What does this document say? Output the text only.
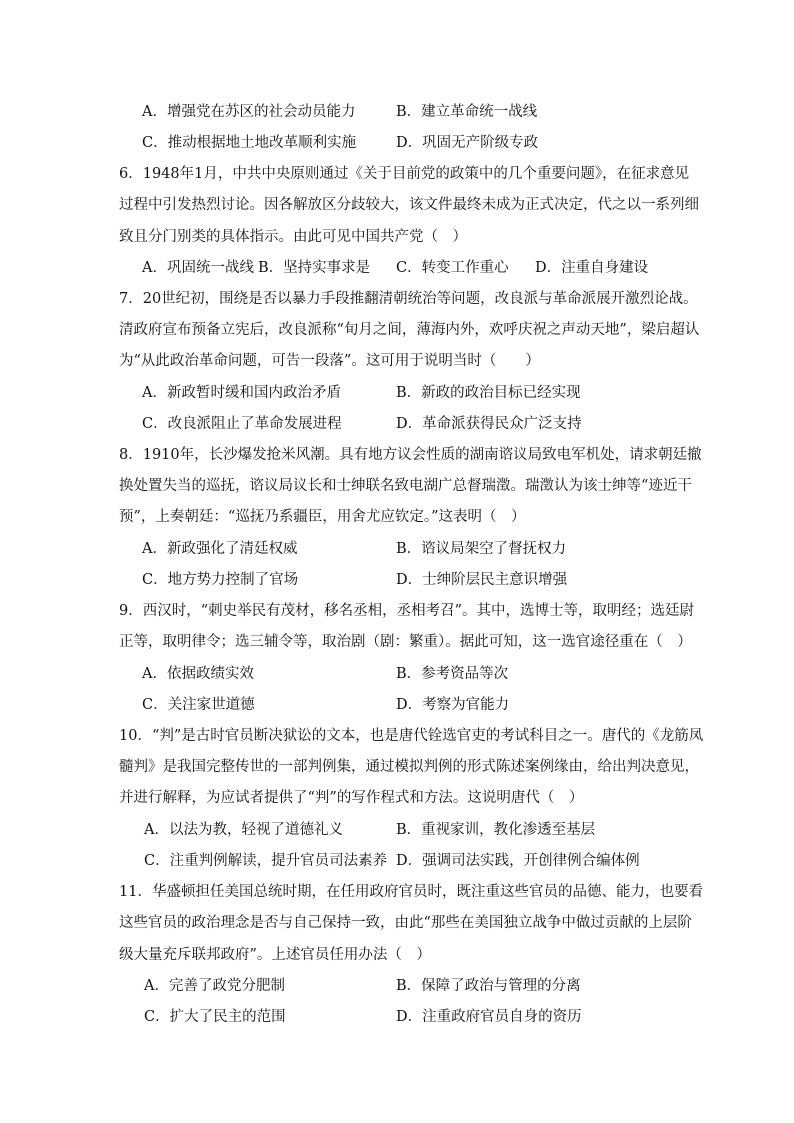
A．增强党在苏区的社会动员能力	B．建立革命统一战线
C．推动根据地土地改革顺利实施	D．巩固无产阶级专政
6．1948年1月，中共中央原则通过《关于目前党的政策中的几个重要问题》，在征求意见
过程中引发热烈讨论。因各解放区分歧较大，该文件最终未成为正式决定，代之以一系列细
致且分门别类的具体指示。由此可见中国共产党（　）
A．巩固统一战线 B．坚持实事求是 C．转变工作重心 D．注重自身建设
7．20世纪初，围绕是否以暴力手段推翻清朝统治等问题，改良派与革命派展开激烈论战。
清政府宣布预备立宪后，改良派称“旬月之间，薄海内外，欢呼庆祝之声动天地”，梁启超认
为“从此政治革命问题，可告一段落”。这可用于说明当时（　　）
A．新政暂时缓和国内政治矛盾	B．新政的政治目标已经实现
C．改良派阻止了革命发展进程	D．革命派获得民众广泛支持
8．1910年，长沙爆发抢米风潮。具有地方议会性质的湖南谘议局致电军机处，请求朝廷撤
换处置失当的巡抚，谘议局议长和士绅联名致电湖广总督瑞澂。瑞澂认为该士绅等“迹近干
预”，上奏朝廷：“巡抚乃系疆臣，用舍尤应钦定。”这表明（　）
A．新政强化了清廷权威	B．谘议局架空了督抚权力
C．地方势力控制了官场	D．士绅阶层民主意识增强
9．西汉时，“刺史举民有茂材，移名丞相，丞相考召”。其中，选博士等，取明经；选廷尉
正等，取明律令；选三辅令等，取治剧（剧：繁重）。据此可知，这一选官途径重在（　）
A．依据政绩实效	B．参考资品等次
C．关注家世道德	D．考察为官能力
10．“判”是古时官员断决狱讼的文本，也是唐代铨选官吏的考试科目之一。唐代的《龙筋凤
髓判》是我国完整传世的一部判例集，通过模拟判例的形式陈述案例缘由，给出判决意见，
并进行解释，为应试者提供了“判”的写作程式和方法。这说明唐代（　）
A．以法为教，轻视了道德礼义	B．重视家训，教化渗透至基层
C．注重判例解读，提升官员司法素养 D．强调司法实践，开创律例合编体例
11．华盛顿担任美国总统时期，在任用政府官员时，既注重这些官员的品德、能力，也要看
这些官员的政治理念是否与自己保持一致，由此“那些在美国独立战争中做过贡献的上层阶
级大量充斥联邦政府”。上述官员任用办法（　）
A．完善了政党分肥制	B．保障了政治与管理的分离
C．扩大了民主的范围	D．注重政府官员自身的资历
